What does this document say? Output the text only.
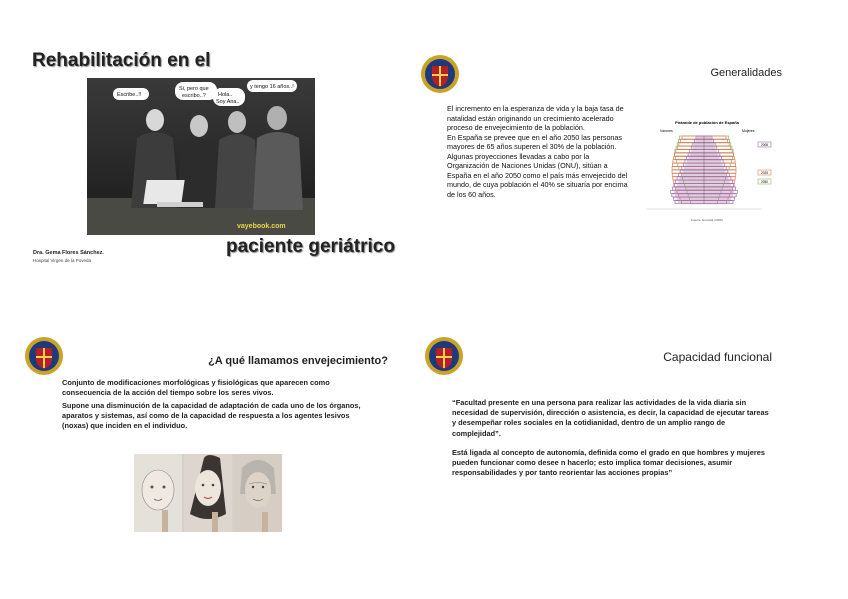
Rehabilitación en el
Escribe..!!
Si, pero que
escribo..? Hola..
Soy Ana..
y tengo 16 años..!
vayebook.com
paciente geriátrico
Dra. Gema Flores Sánchez.
Hospital Virgen de la Poveda
Generalidades

El incremento en la esperanza de vida y la baja tasa de natalidad están originando un crecimiento acelerado proceso de envejecimiento de la población.

En España se prevee que en el año 2050 las personas mayores de 65 años superen el 30% de la población. Algunas proyecciones llevadas a cabo por la Organización de Naciones Unidas (ONU), sitúan a España en el año 2050 como el país más envejecido del mundo, de cuya población el 40% se situaría por encima de los 60 años.

Pirámide de población de España
Varones	Mujeres
2008
2025
2050
Fuente: Eurostat (2008)
¿A qué llamamos envejecimiento?

Conjunto de modificaciones morfológicas y fisiológicas que aparecen como consecuencia de la acción del tiempo sobre los seres vivos.

Supone una disminución de la capacidad de adaptación de cada uno de los órganos, aparatos y sistemas, así como de la capacidad de respuesta a los agentes lesivos (noxas) que inciden en el individuo.

Capacidad funcional

“Facultad presente en una persona para realizar las actividades de la vida diaria sin necesidad de supervisión, dirección o asistencia, es decir, la capacidad de ejecutar tareas y desempeñar roles sociales en la cotidianidad, dentro de un amplio rango de complejidad”.

Está ligada al concepto de autonomía, definida como el grado en que hombres y mujeres pueden funcionar como desee n hacerlo; esto implica tomar decisiones, asumir responsabilidades y por tanto reorientar las acciones propias”
